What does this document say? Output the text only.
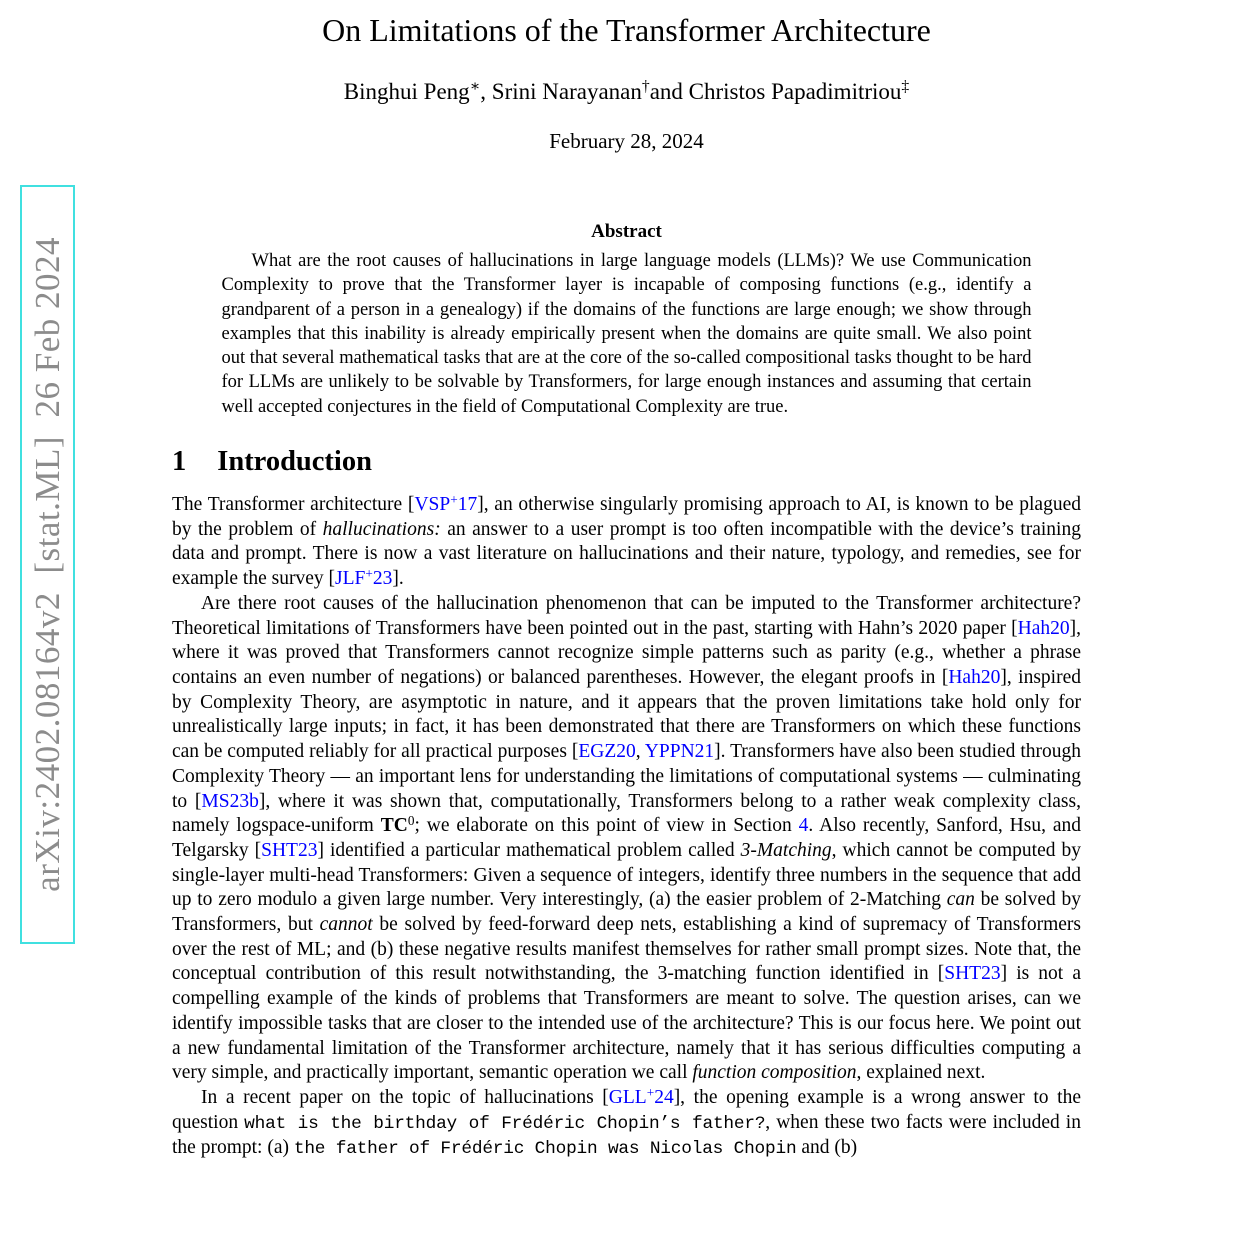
arXiv:2402.08164v2  [stat.ML]  26 Feb 2024
On Limitations of the Transformer Architecture
Binghui Peng∗, Srini Narayanan†and Christos Papadimitriou‡
February 28, 2024
Abstract

What are the root causes of hallucinations in large language models (LLMs)? We use Communication Complexity to prove that the Transformer layer is incapable of composing functions (e.g., identify a grandparent of a person in a genealogy) if the domains of the functions are large enough; we show through examples that this inability is already empirically present when the domains are quite small. We also point out that several mathematical tasks that are at the core of the so-called compositional tasks thought to be hard for LLMs are unlikely to be solvable by Transformers, for large enough instances and assuming that certain well accepted conjectures in the field of Computational Complexity are true.

1 Introduction

The Transformer architecture [VSP+17], an otherwise singularly promising approach to AI, is known to be plagued by the problem of hallucinations: an answer to a user prompt is too often incompatible with the device’s training data and prompt. There is now a vast literature on hallucinations and their nature, typology, and remedies, see for example the survey [JLF+23].

Are there root causes of the hallucination phenomenon that can be imputed to the Transformer architecture? Theoretical limitations of Transformers have been pointed out in the past, starting with Hahn’s 2020 paper [Hah20], where it was proved that Transformers cannot recognize simple patterns such as parity (e.g., whether a phrase contains an even number of negations) or balanced parentheses. However, the elegant proofs in [Hah20], inspired by Complexity Theory, are asymptotic in nature, and it appears that the proven limitations take hold only for unrealistically large inputs; in fact, it has been demonstrated that there are Transformers on which these functions can be computed reliably for all practical purposes [EGZ20, YPPN21]. Transformers have also been studied through Complexity Theory — an important lens for understanding the limitations of computational systems — culminating to [MS23b], where it was shown that, computationally, Transformers belong to a rather weak complexity class, namely logspace-uniform $TC^0$; we elaborate on this point of view in Section 4. Also recently, Sanford, Hsu, and Telgarsky [SHT23] identified a particular mathematical problem called 3-Matching, which cannot be computed by single-layer multi-head Transformers: Given a sequence of integers, identify three numbers in the sequence that add up to zero modulo a given large number. Very interestingly, (a) the easier problem of 2-Matching can be solved by Transformers, but cannot be solved by feed-forward deep nets, establishing a kind of supremacy of Transformers over the rest of ML; and (b) these negative results manifest themselves for rather small prompt sizes. Note that, the conceptual contribution of this result notwithstanding, the 3-matching function identified in [SHT23] is not a compelling example of the kinds of problems that Transformers are meant to solve. The question arises, can we identify impossible tasks that are closer to the intended use of the architecture? This is our focus here. We point out a new fundamental limitation of the Transformer architecture, namely that it has serious difficulties computing a very simple, and practically important, semantic operation we call function composition, explained next.

In a recent paper on the topic of hallucinations [GLL+24], the opening example is a wrong answer to the question what is the birthday of Frédéric Chopin’s father?, when these two facts were included in the prompt: (a) the father of Frédéric Chopin was Nicolas Chopin and (b)
